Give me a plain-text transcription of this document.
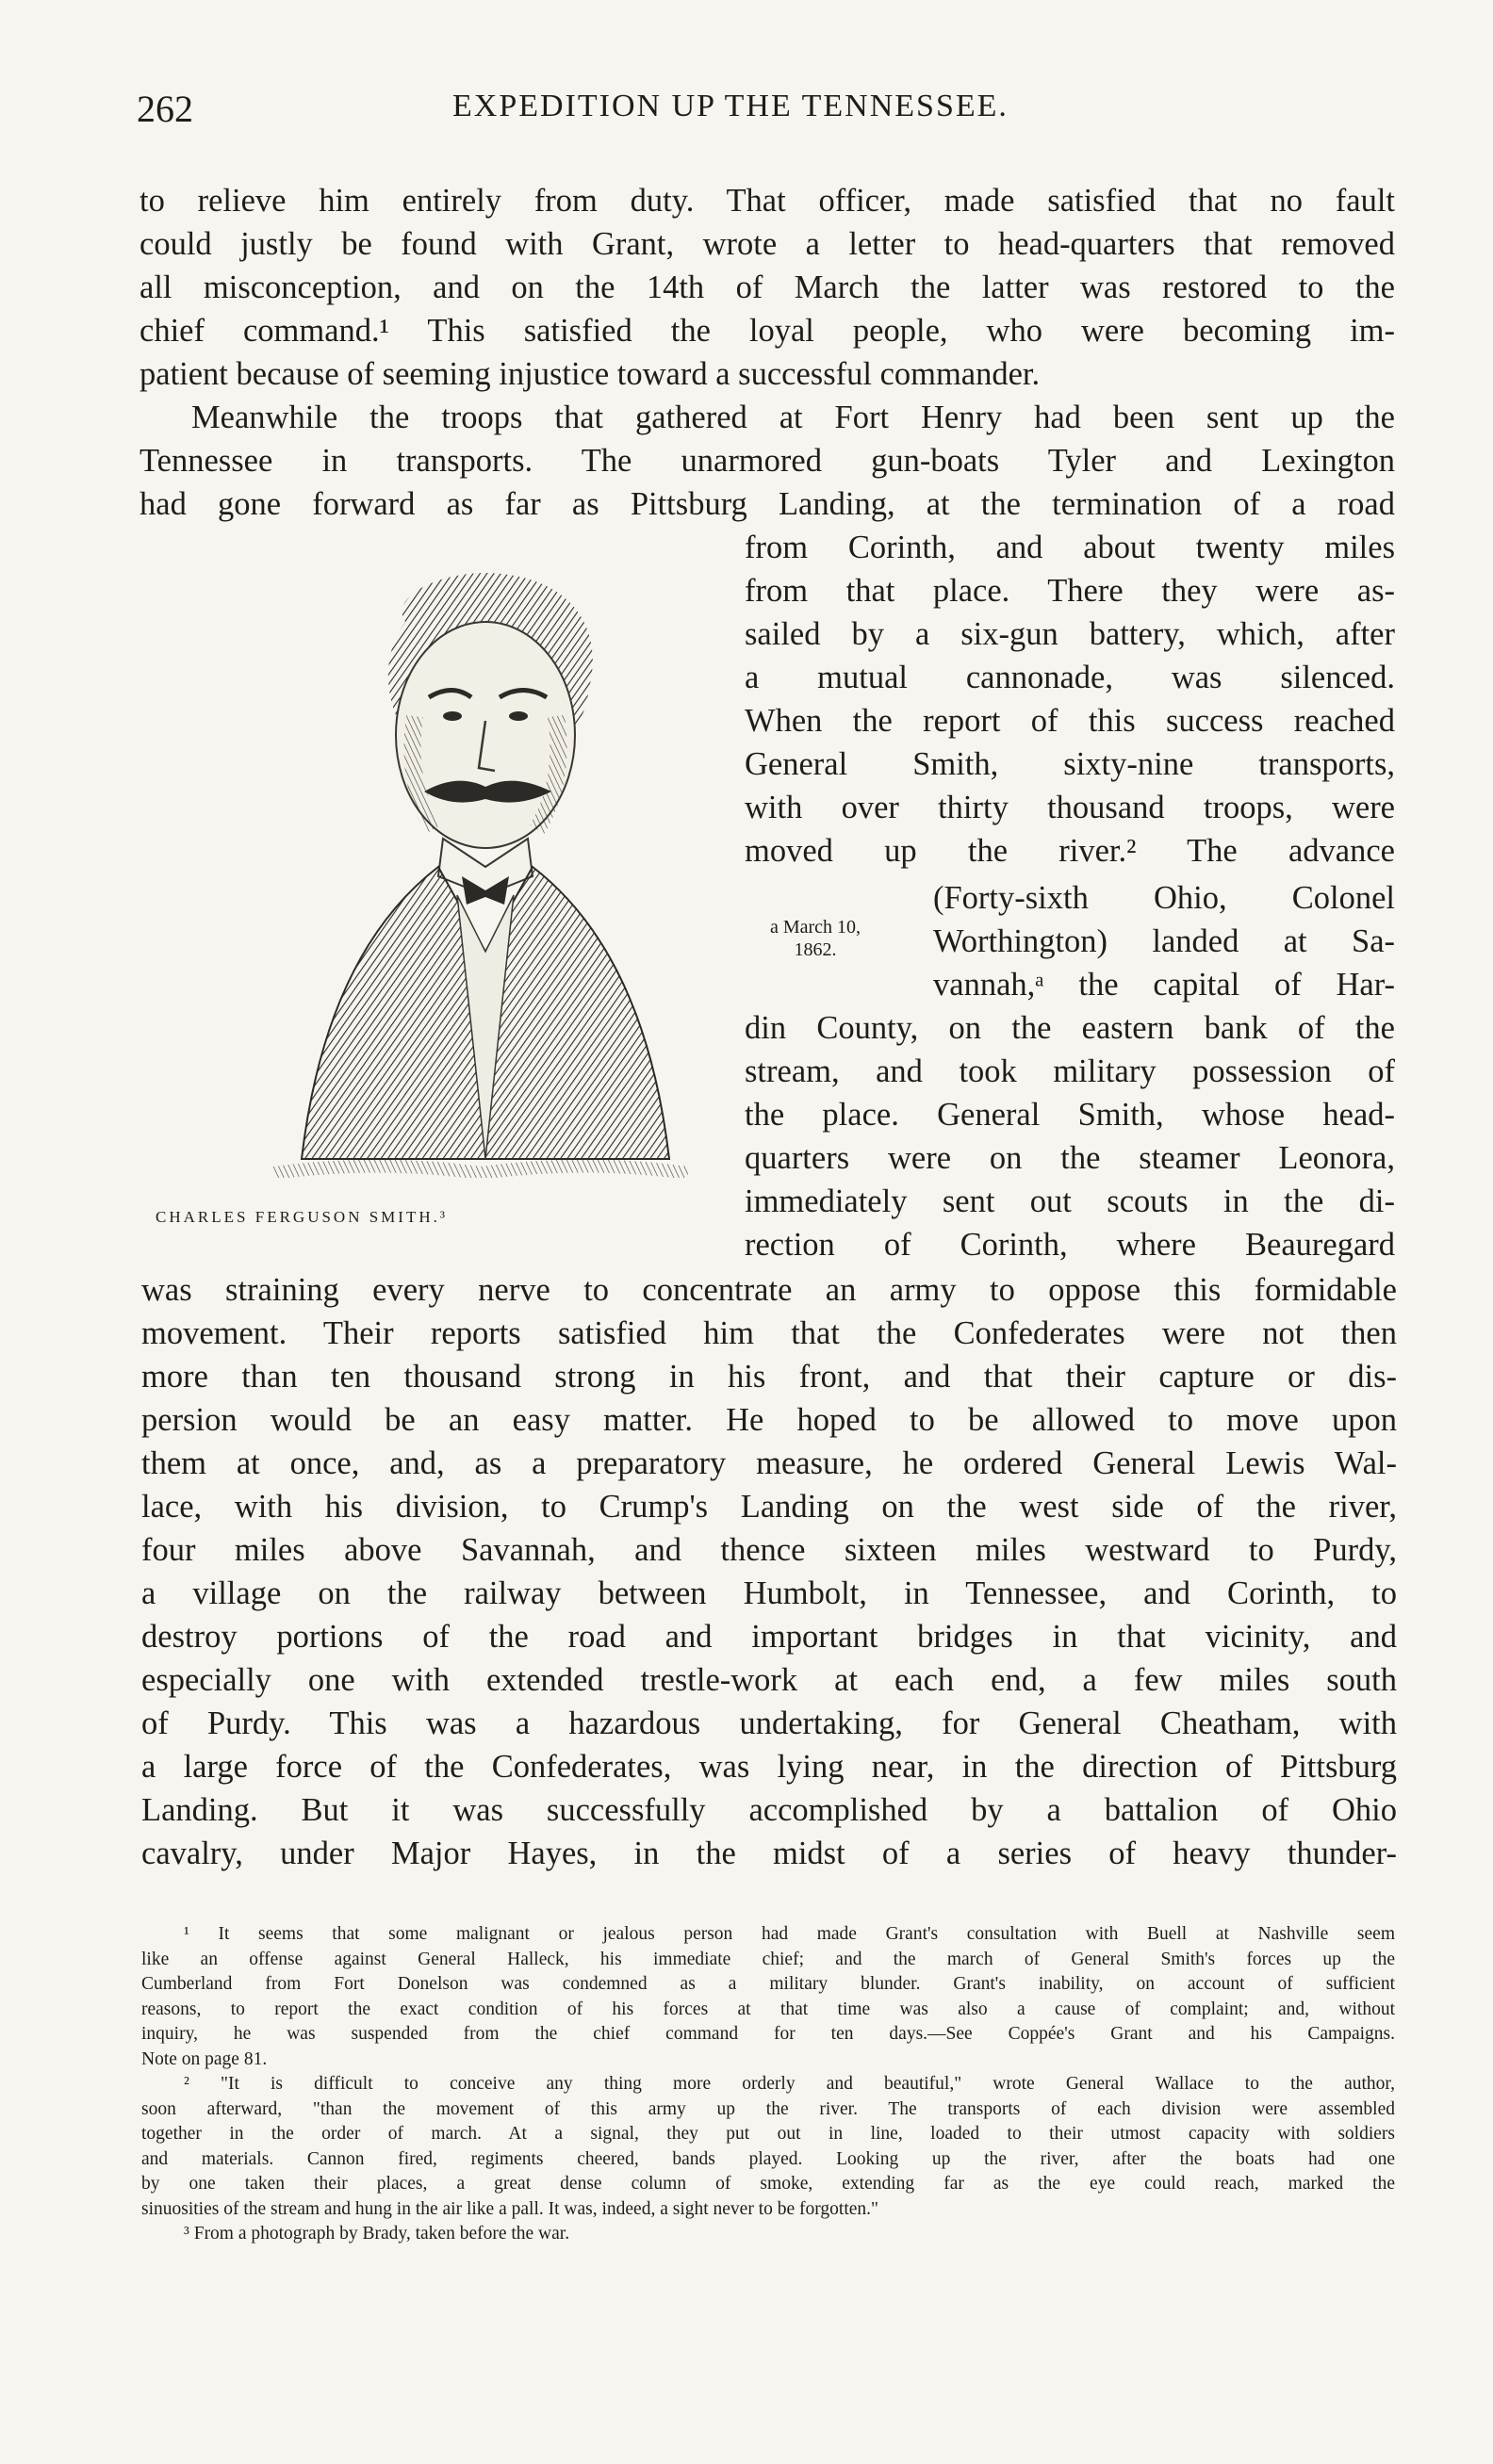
262	EXPEDITION UP THE TENNESSEE.
to relieve him entirely from duty. That officer, made satisfied that no fault
could justly be found with Grant, wrote a letter to head-quarters that removed
all misconception, and on the 14th of March the latter was restored to the
chief command.¹ This satisfied the loyal people, who were becoming im-
patient because of seeming injustice toward a successful commander.
Meanwhile the troops that gathered at Fort Henry had been sent up the
Tennessee in transports. The unarmored gun-boats Tyler and Lexington
had gone forward as far as Pittsburg Landing, at the termination of a road
CHARLES FERGUSON SMITH.³
from Corinth, and about twenty miles
from that place. There they were as-
sailed by a six-gun battery, which, after
a mutual cannonade, was silenced.
When the report of this success reached
General Smith, sixty-nine transports,
with over thirty thousand troops, were
moved up the river.² The advance
a March 10, 1862.
(Forty-sixth Ohio, Colonel
Worthington) landed at Sa-
vannah,ᵃ the capital of Har-
din County, on the eastern bank of the
stream, and took military possession of
the place. General Smith, whose head-
quarters were on the steamer Leonora,
immediately sent out scouts in the di-
rection of Corinth, where Beauregard
was straining every nerve to concentrate an army to oppose this formidable
movement. Their reports satisfied him that the Confederates were not then
more than ten thousand strong in his front, and that their capture or dis-
persion would be an easy matter. He hoped to be allowed to move upon
them at once, and, as a preparatory measure, he ordered General Lewis Wal-
lace, with his division, to Crump's Landing on the west side of the river,
four miles above Savannah, and thence sixteen miles westward to Purdy,
a village on the railway between Humbolt, in Tennessee, and Corinth, to
destroy portions of the road and important bridges in that vicinity, and
especially one with extended trestle-work at each end, a few miles south
of Purdy. This was a hazardous undertaking, for General Cheatham, with
a large force of the Confederates, was lying near, in the direction of Pittsburg
Landing. But it was successfully accomplished by a battalion of Ohio
cavalry, under Major Hayes, in the midst of a series of heavy thunder-
¹ It seems that some malignant or jealous person had made Grant's consultation with Buell at Nashville seem
like an offense against General Halleck, his immediate chief; and the march of General Smith's forces up the
Cumberland from Fort Donelson was condemned as a military blunder. Grant's inability, on account of sufficient
reasons, to report the exact condition of his forces at that time was also a cause of complaint; and, without
inquiry, he was suspended from the chief command for ten days.—See Coppée's Grant and his Campaigns.
Note on page 81.
² "It is difficult to conceive any thing more orderly and beautiful," wrote General Wallace to the author,
soon afterward, "than the movement of this army up the river. The transports of each division were assembled
together in the order of march. At a signal, they put out in line, loaded to their utmost capacity with soldiers
and materials. Cannon fired, regiments cheered, bands played. Looking up the river, after the boats had one
by one taken their places, a great dense column of smoke, extending far as the eye could reach, marked the
sinuosities of the stream and hung in the air like a pall. It was, indeed, a sight never to be forgotten."
³ From a photograph by Brady, taken before the war.
